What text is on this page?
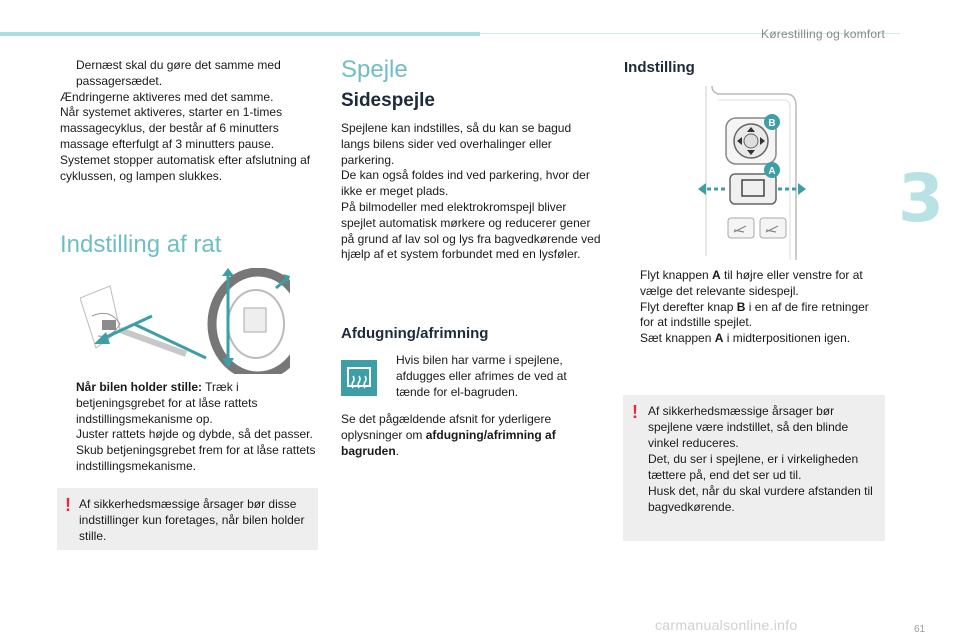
Kørestilling og komfort
3
Dernæst skal du gøre det samme med passagersædet.
Ændringerne aktiveres med det samme.
Når systemet aktiveres, starter en 1-times massagecyklus, der består af 6 minutters massage efterfulgt af 3 minutters pause.
Systemet stopper automatisk efter afslutning af cyklussen, og lampen slukkes.
Indstilling af rat
Når bilen holder stille: Træk i betjeningsgrebet for at låse rattets indstillingsmekanisme op.
Juster rattets højde og dybde, så det passer.
Skub betjeningsgrebet frem for at låse rattets indstillingsmekanisme.
! Af sikkerhedsmæssige årsager bør disse indstillinger kun foretages, når bilen holder stille.
Spejle
Sidespejle
Spejlene kan indstilles, så du kan se bagud langs bilens sider ved overhalinger eller parkering.
De kan også foldes ind ved parkering, hvor der ikke er meget plads.
På bilmodeller med elektrokromspejl bliver spejlet automatisk mørkere og reducerer gener på grund af lav sol og lys fra bagvedkørende ved hjælp af et system forbundet med en lysføler.
Afdugning/afrimning
Hvis bilen har varme i spejlene, afdugges eller afrimes de ved at tænde for el-bagruden.
Se det pågældende afsnit for yderligere oplysninger om afdugning/afrimning af bagruden.
Indstilling
B
A
Flyt knappen A til højre eller venstre for at vælge det relevante sidespejl.
Flyt derefter knap B i en af de fire retninger for at indstille spejlet.
Sæt knappen A i midterpositionen igen.
! Af sikkerhedsmæssige årsager bør spejlene være indstillet, så den blinde vinkel reduceres.
Det, du ser i spejlene, er i virkeligheden tættere på, end det ser ud til.
Husk det, når du skal vurdere afstanden til bagvedkørende.
carmanualsonline.info	61
